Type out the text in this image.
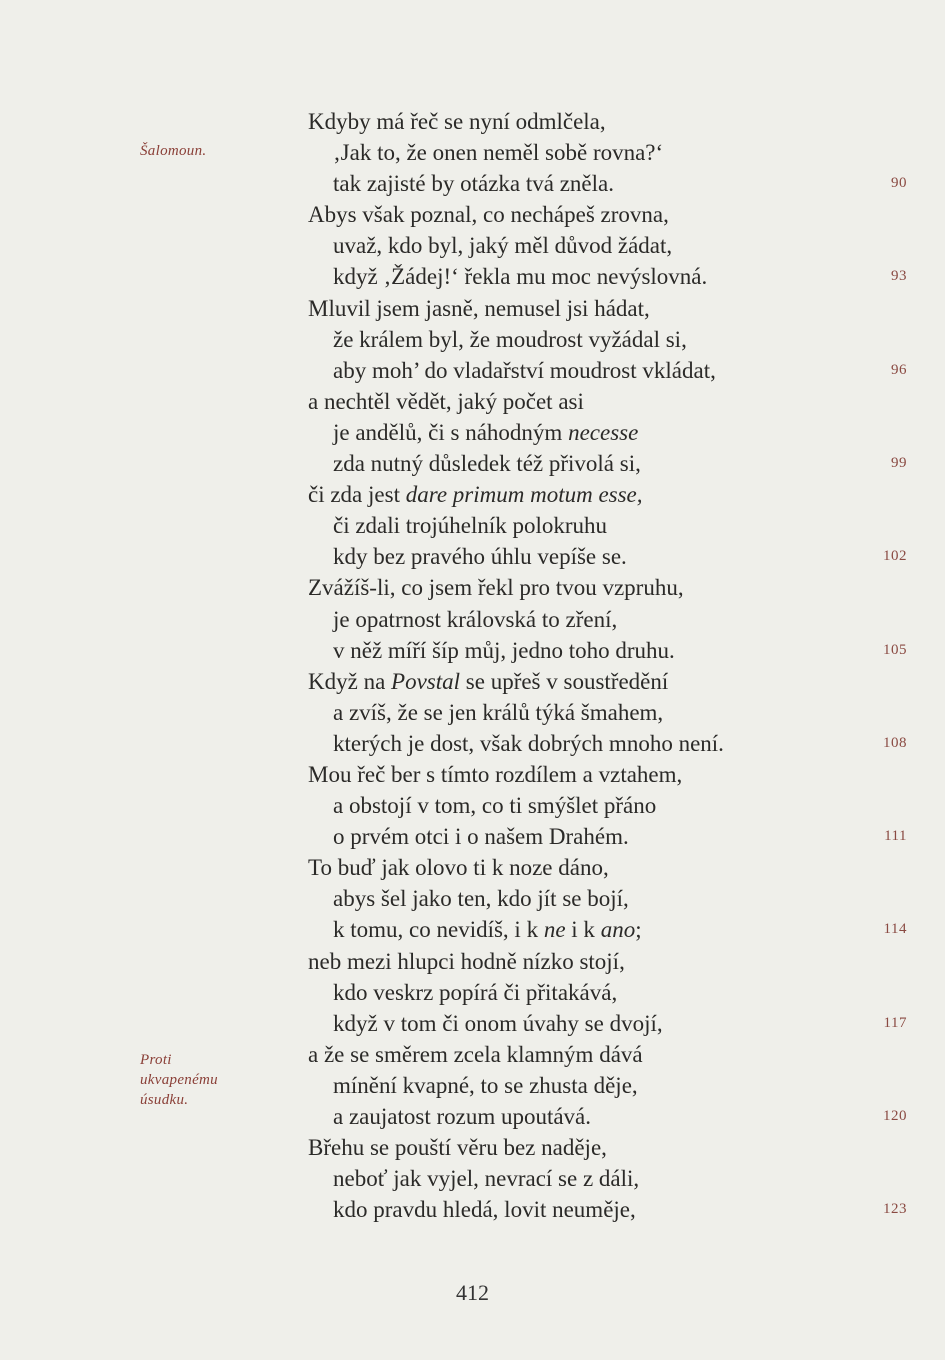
Šalomoun.
Proti
ukvapenému
úsudku.
Kdyby má řeč se nyní odmlčela,
‚Jak to, že onen neměl sobě rovna?‘
tak zajisté by otázka tvá zněla.	90
Abys však poznal, co nechápeš zrovna,
uvaž, kdo byl, jaký měl důvod žádat,
když ‚Žádej!‘ řekla mu moc nevýslovná.	93
Mluvil jsem jasně, nemusel jsi hádat,
že králem byl, že moudrost vyžádal si,
aby moh’ do vladařství moudrost vkládat,	96
a nechtěl vědět, jaký počet asi
je andělů, či s náhodným necesse
zda nutný důsledek též přivolá si,	99
či zda jest dare primum motum esse,
či zdali trojúhelník polokruhu
kdy bez pravého úhlu vepíše se.	102
Zvážíš-li, co jsem řekl pro tvou vzpruhu,
je opatrnost královská to zření,
v něž míří šíp můj, jedno toho druhu.	105
Když na Povstal se upřeš v soustředění
a zvíš, že se jen králů týká šmahem,
kterých je dost, však dobrých mnoho není.	108
Mou řeč ber s tímto rozdílem a vztahem,
a obstojí v tom, co ti smýšlet přáno
o prvém otci i o našem Drahém.	111
To buď jak olovo ti k noze dáno,
abys šel jako ten, kdo jít se bojí,
k tomu, co nevidíš, i k ne i k ano;	114
neb mezi hlupci hodně nízko stojí,
kdo veskrz popírá či přitakává,
když v tom či onom úvahy se dvojí,	117
a že se směrem zcela klamným dává
mínění kvapné, to se zhusta děje,
a zaujatost rozum upoutává.	120
Břehu se pouští věru bez naděje,
neboť jak vyjel, nevrací se z dáli,
kdo pravdu hledá, lovit neuměje,	123
412
